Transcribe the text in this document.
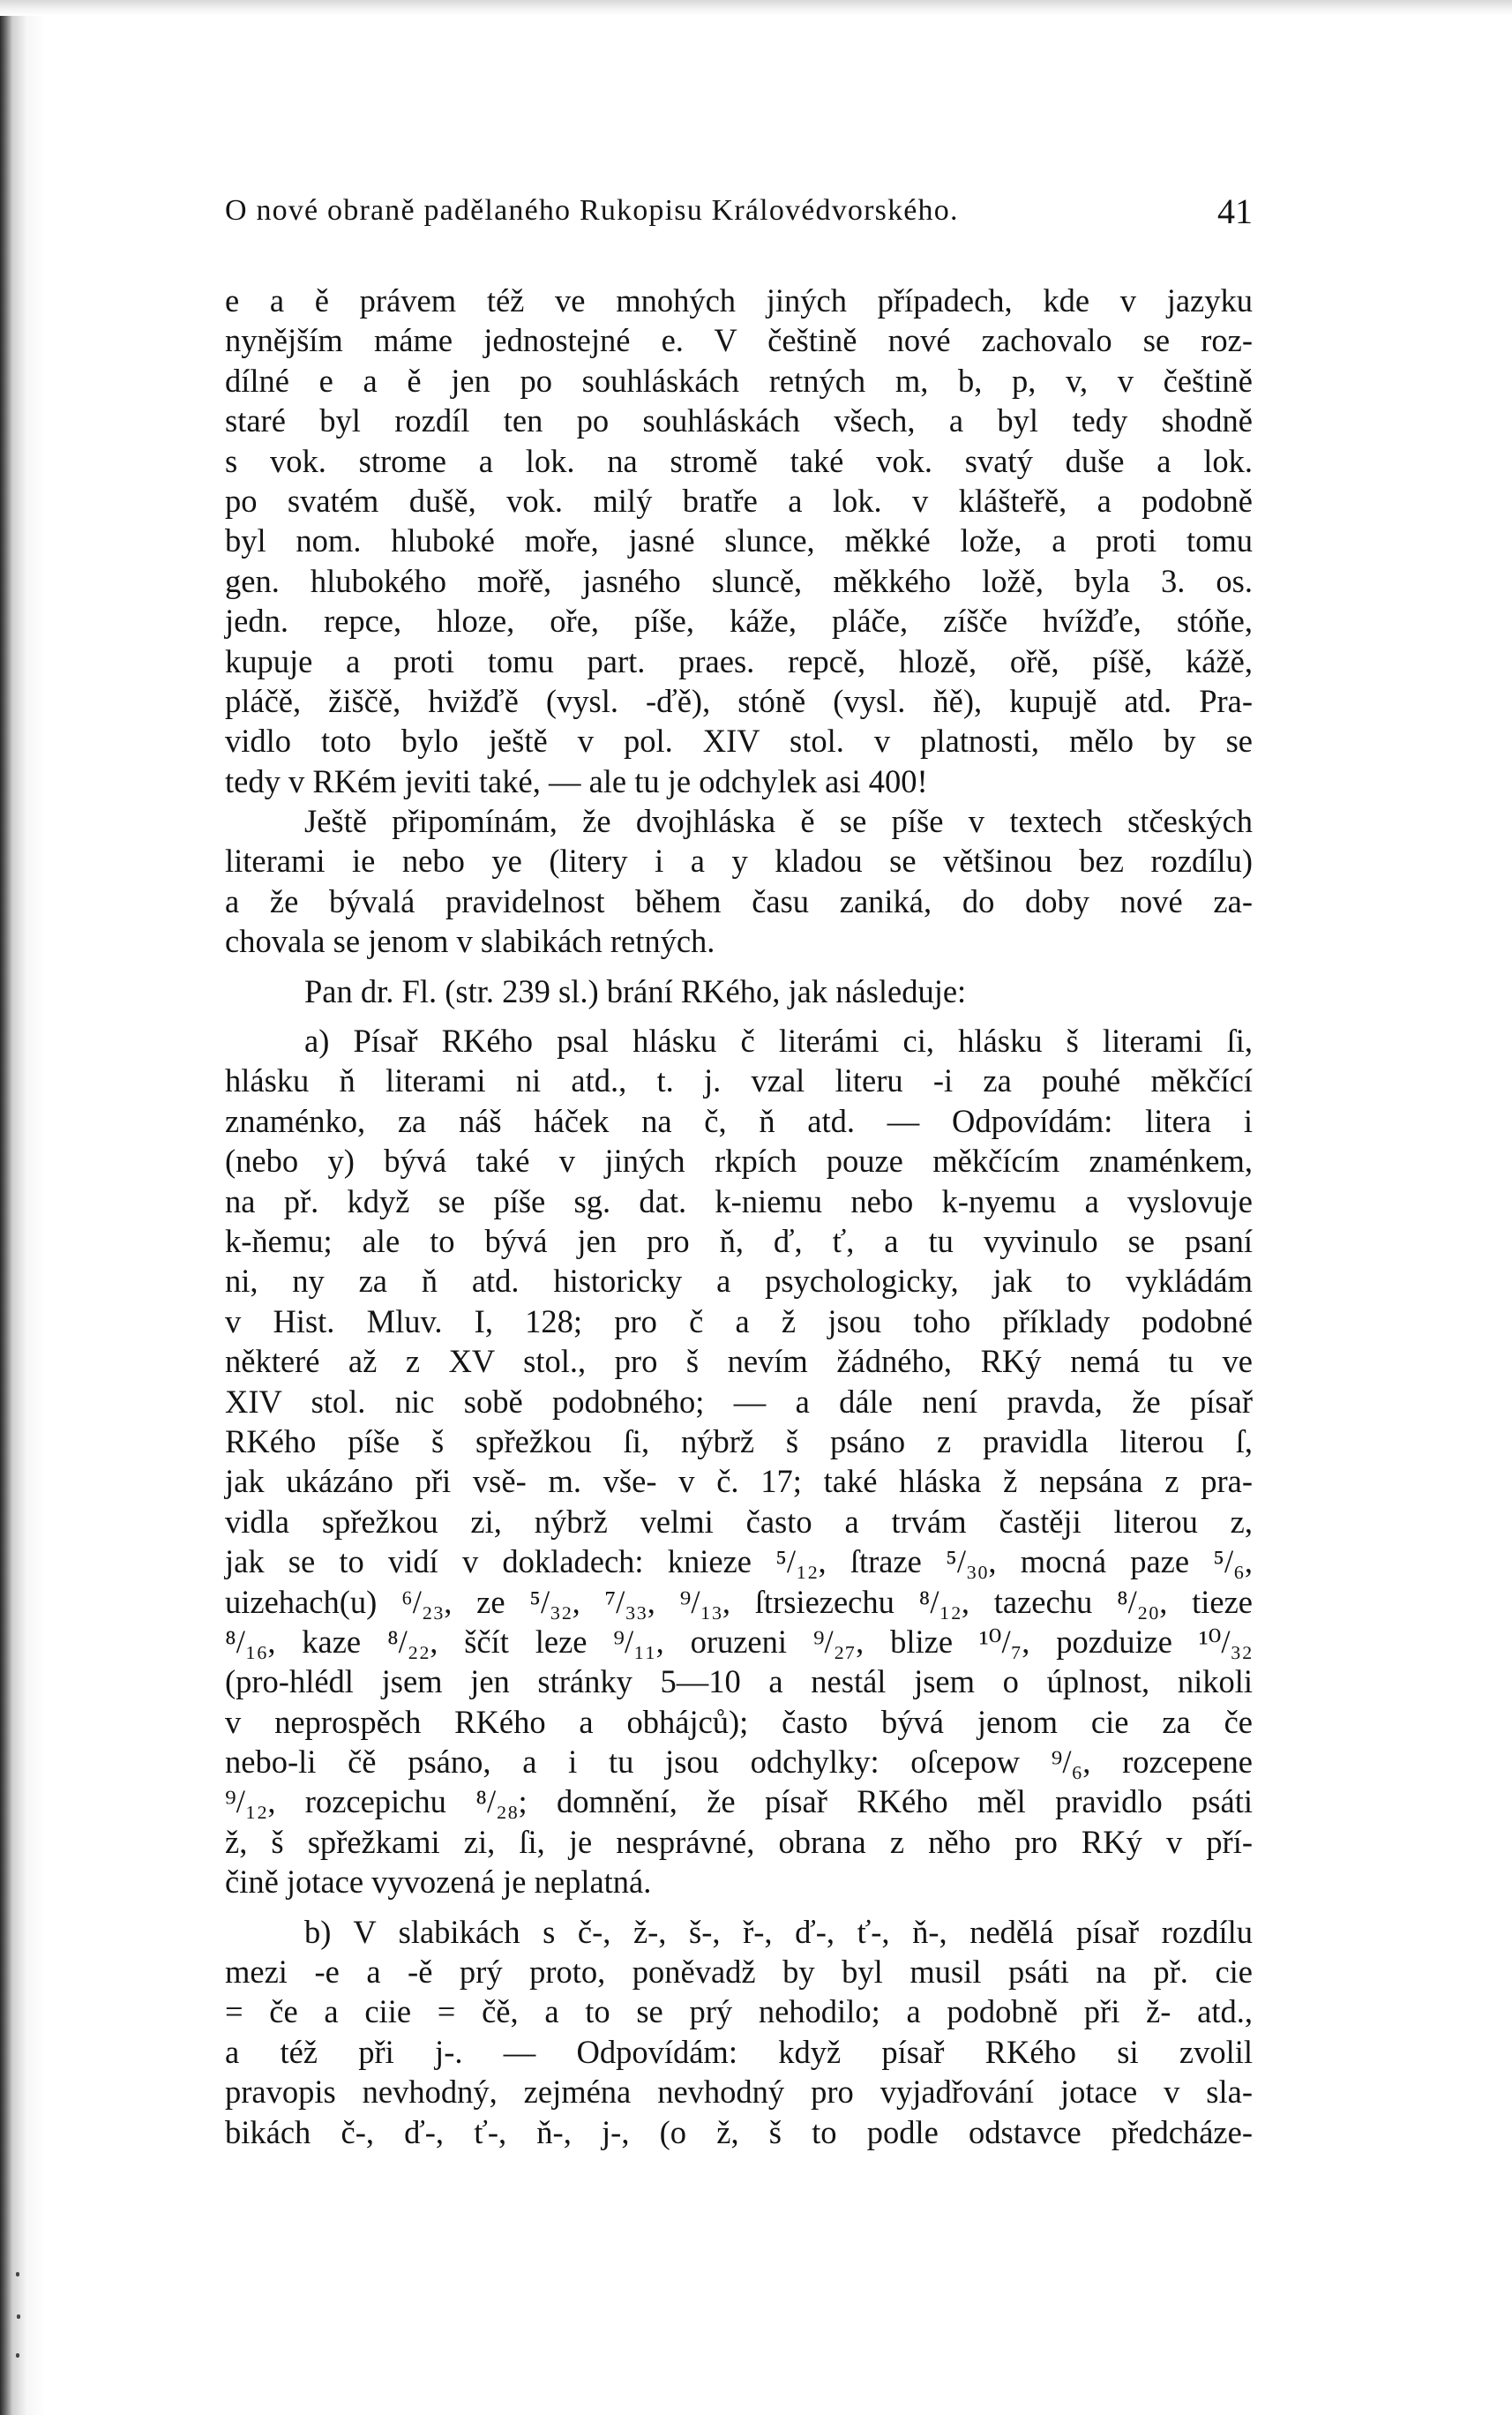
O nové obraně padělaného Rukopisu Královédvorského.	41
e a ě právem též ve mnohých jiných případech, kde v jazyku
nynějším máme jednostejné e. V češtině nové zachovalo se roz-
dílné e a ě jen po souhláskách retných m, b, p, v, v češtině
staré byl rozdíl ten po souhláskách všech, a byl tedy shodně
s vok. strome a lok. na stromě také vok. svatý duše a lok.
po svatém dušě, vok. milý bratře a lok. v klášteřě, a podobně
byl nom. hluboké moře, jasné slunce, měkké lože, a proti tomu
gen. hlubokého mořě, jasného sluncě, měkkého ložě, byla 3. os.
jedn. repce, hloze, oře, píše, káže, pláče, zíšče hvížďe, stóňe,
kupuje a proti tomu part. praes. repcě, hlozě, ořě, píšě, kážě,
pláčě, žiščě, hvižďě (vysl. -ďě), stóně (vysl. ňě), kupujě atd. Pra-
vidlo toto bylo ještě v pol. XIV stol. v platnosti, mělo by se
tedy v RKém jeviti také, — ale tu je odchylek asi 400!
Ještě připomínám, že dvojhláska ě se píše v textech stčeských
literami ie nebo ye (litery i a y kladou se většinou bez rozdílu)
a že bývalá pravidelnost během času zaniká, do doby nové za-
chovala se jenom v slabikách retných.
Pan dr. Fl. (str. 239 sl.) brání RKého, jak následuje:
a) Písař RKého psal hlásku č literámi ci, hlásku š literami ſi,
hlásku ň literami ni atd., t. j. vzal literu -i za pouhé měkčící
znaménko, za náš háček na č, ň atd. — Odpovídám: litera i
(nebo y) bývá také v jiných rkpích pouze měkčícím znaménkem,
na př. když se píše sg. dat. k-niemu nebo k-nyemu a vyslovuje
k-ňemu; ale to bývá jen pro ň, ď, ť, a tu vyvinulo se psaní
ni, ny za ň atd. historicky a psychologicky, jak to vykládám
v Hist. Mluv. I, 128; pro č a ž jsou toho příklady podobné
některé až z XV stol., pro š nevím žádného, RKý nemá tu ve
XIV stol. nic sobě podobného; — a dále není pravda, že písař
RKého píše š spřežkou ſi, nýbrž š psáno z pravidla literou ſ,
jak ukázáno při vsě- m. vše- v č. 17; také hláska ž nepsána z pra-
vidla spřežkou zi, nýbrž velmi často a trvám častěji literou z,
jak se to vidí v dokladech: knieze ⁵/₁₂, ſtraze ⁵/₃₀, mocná paze ⁵/₆,
uizehach(u) ⁶/₂₃, ze ⁵/₃₂, ⁷/₃₃, ⁹/₁₃, ſtrsiezechu ⁸/₁₂, tazechu ⁸/₂₀, tieze
⁸/₁₆, kaze ⁸/₂₂, ščít leze ⁹/₁₁, oruzeni ⁹/₂₇, blize ¹⁰/₇, pozduize ¹⁰/₃₂
(pro-hlédl jsem jen stránky 5—10 a nestál jsem o úplnost, nikoli
v neprospěch RKého a obhájců); často bývá jenom cie za če
nebo-li čě psáno, a i tu jsou odchylky: oſcepow ⁹/₆, rozcepene
⁹/₁₂, rozcepichu ⁸/₂₈; domnění, že písař RKého měl pravidlo psáti
ž, š spřežkami zi, ſi, je nesprávné, obrana z něho pro RKý v pří-
čině jotace vyvozená je neplatná.
b) V slabikách s č-, ž-, š-, ř-, ď-, ť-, ň-, nedělá písař rozdílu
mezi -e a -ě prý proto, poněvadž by byl musil psáti na př. cie
= če a ciie = čě, a to se prý nehodilo; a podobně při ž- atd.,
a též při j-. — Odpovídám: když písař RKého si zvolil
pravopis nevhodný, zejména nevhodný pro vyjadřování jotace v sla-
bikách č-, ď-, ť-, ň-, j-, (o ž, š to podle odstavce předcháze-
